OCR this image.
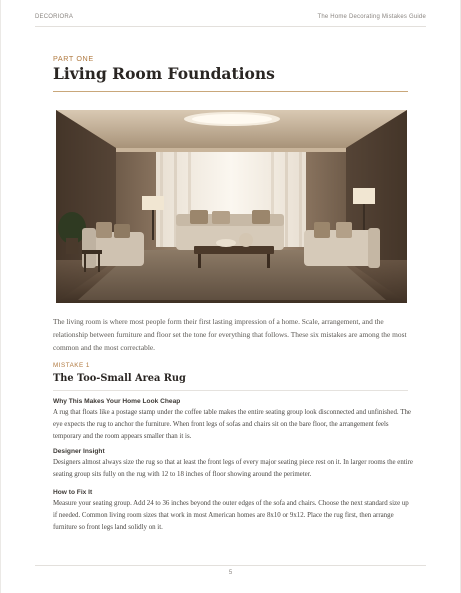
DECORIORA	The Home Decorating Mistakes Guide
PART ONE
Living Room Foundations
The living room is where most people form their first lasting impression of a home. Scale, arrangement, and the relationship between furniture and floor set the tone for everything that follows. These six mistakes are among the most common and the most correctable.
MISTAKE 1
The Too-Small Area Rug
Why This Makes Your Home Look Cheap
A rug that floats like a postage stamp under the coffee table makes the entire seating group look disconnected and unfinished. The eye expects the rug to anchor the furniture. When front legs of sofas and chairs sit on the bare floor, the arrangement feels temporary and the room appears smaller than it is.
Designer Insight
Designers almost always size the rug so that at least the front legs of every major seating piece rest on it. In larger rooms the entire seating group sits fully on the rug with 12 to 18 inches of floor showing around the perimeter.
How to Fix It
Measure your seating group. Add 24 to 36 inches beyond the outer edges of the sofa and chairs. Choose the next standard size up if needed. Common living room sizes that work in most American homes are 8x10 or 9x12. Place the rug first, then arrange furniture so front legs land solidly on it.
5
